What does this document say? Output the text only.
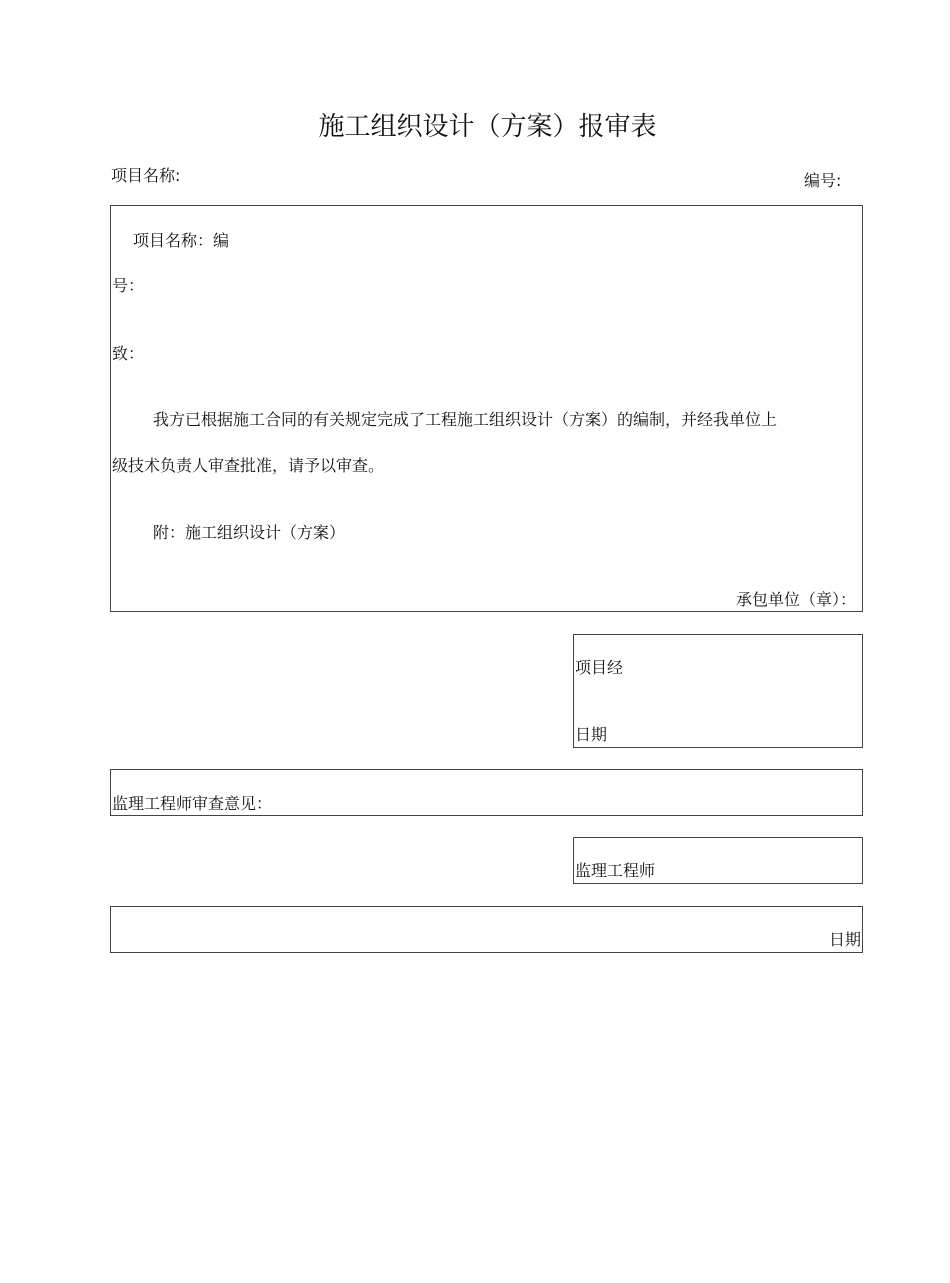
施工组织设计（方案）报审表
项目名称:	编号:
项目名称：编
号：
致：
我方已根据施工合同的有关规定完成了工程施工组织设计（方案）的编制，并经我单位上
级技术负责人审查批准，请予以审查。
附：施工组织设计（方案）
承包单位（章）：
项目经
日期
监理工程师审查意见：
监理工程师
日期
